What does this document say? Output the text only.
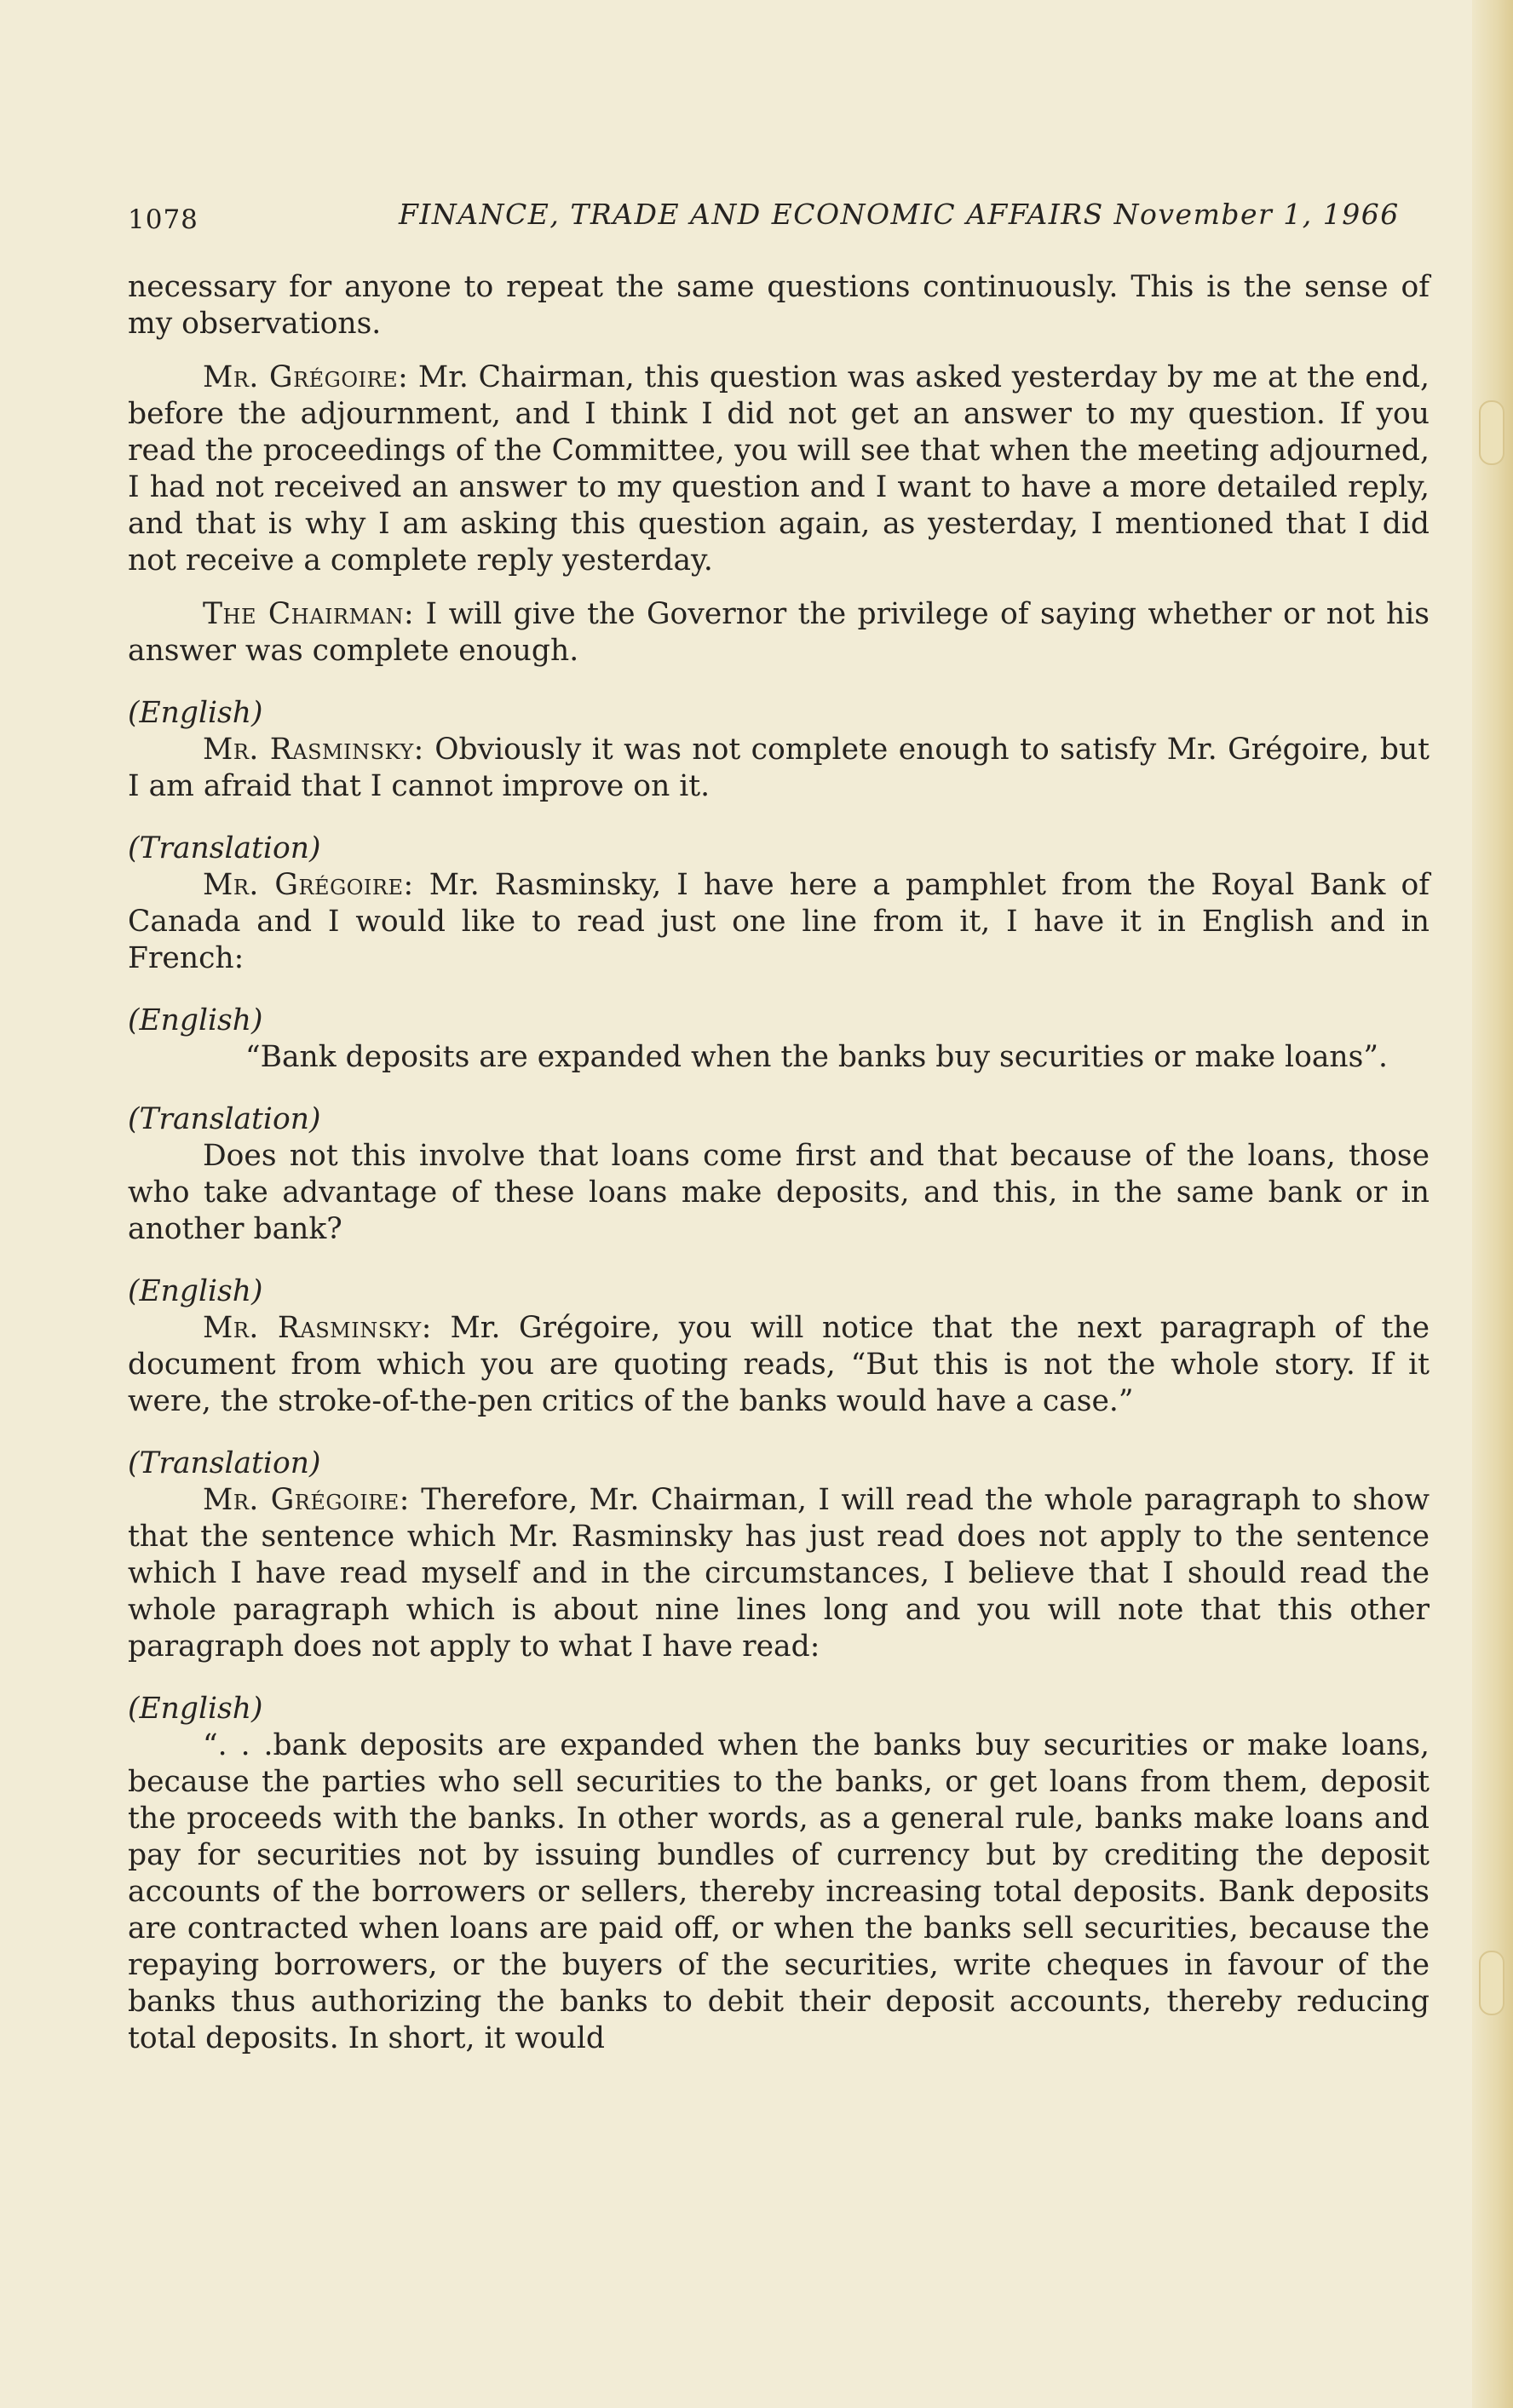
1078	FINANCE, TRADE AND ECONOMIC AFFAIRS November 1, 1966

necessary for anyone to repeat the same questions continuously. This is the sense of my observations.

Mr. Grégoire: Mr. Chairman, this question was asked yesterday by me at the end, before the adjournment, and I think I did not get an answer to my question. If you read the proceedings of the Committee, you will see that when the meeting adjourned, I had not received an answer to my question and I want to have a more detailed reply, and that is why I am asking this question again, as yesterday, I mentioned that I did not receive a complete reply yesterday.

The Chairman: I will give the Governor the privilege of saying whether or not his answer was complete enough.

(English)

Mr. Rasminsky: Obviously it was not complete enough to satisfy Mr. Grégoire, but I am afraid that I cannot improve on it.

(Translation)

Mr. Grégoire: Mr. Rasminsky, I have here a pamphlet from the Royal Bank of Canada and I would like to read just one line from it, I have it in English and in French:

(English)

“Bank deposits are expanded when the banks buy securities or make loans”.

(Translation)

Does not this involve that loans come first and that because of the loans, those who take advantage of these loans make deposits, and this, in the same bank or in another bank?

(English)

Mr. Rasminsky: Mr. Grégoire, you will notice that the next paragraph of the document from which you are quoting reads, “But this is not the whole story. If it were, the stroke-of-the-pen critics of the banks would have a case.”

(Translation)

Mr. Grégoire: Therefore, Mr. Chairman, I will read the whole paragraph to show that the sentence which Mr. Rasminsky has just read does not apply to the sentence which I have read myself and in the circumstances, I believe that I should read the whole paragraph which is about nine lines long and you will note that this other paragraph does not apply to what I have read:

(English)

“. . .bank deposits are expanded when the banks buy securities or make loans, because the parties who sell securities to the banks, or get loans from them, deposit the proceeds with the banks. In other words, as a general rule, banks make loans and pay for securities not by issuing bundles of currency but by crediting the deposit accounts of the borrowers or sellers, thereby increasing total deposits. Bank deposits are contracted when loans are paid off, or when the banks sell securities, because the repaying borrowers, or the buyers of the securities, write cheques in favour of the banks thus authorizing the banks to debit their deposit accounts, thereby reducing total deposits. In short, it would
